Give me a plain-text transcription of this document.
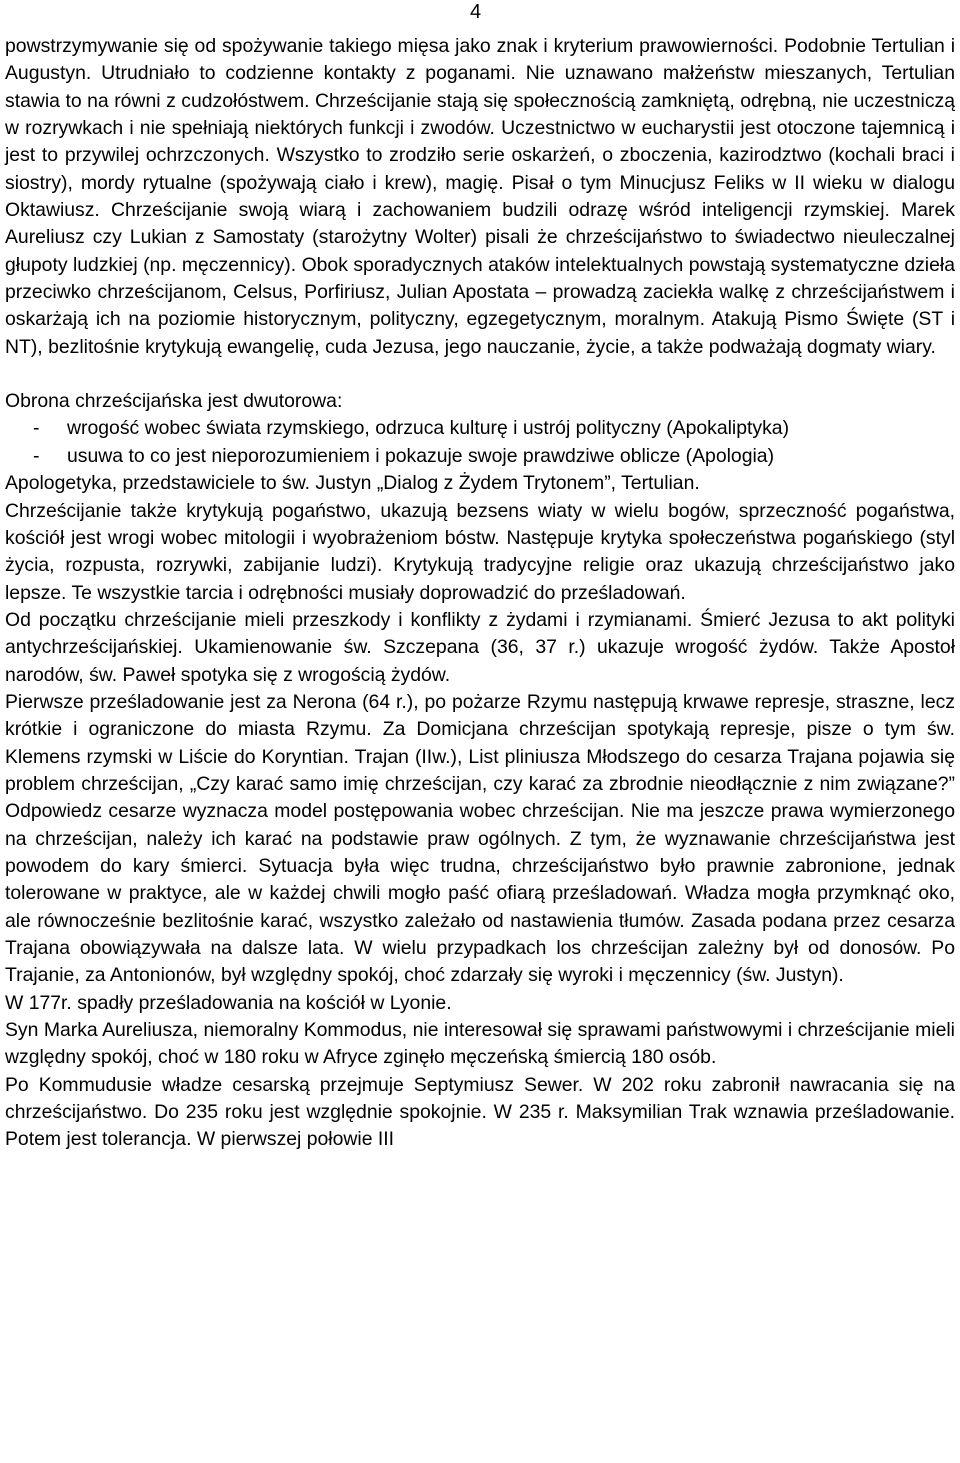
4

powstrzymywanie się od spożywanie takiego mięsa jako znak i kryterium prawowierności. Podobnie Tertulian i Augustyn. Utrudniało to codzienne kontakty z poganami. Nie uznawano małżeństw mieszanych, Tertulian stawia to na równi z cudzołóstwem. Chrześcijanie stają się społecznością zamkniętą, odrębną, nie uczestniczą w rozrywkach i nie spełniają niektórych funkcji i zwodów. Uczestnictwo w eucharystii jest otoczone tajemnicą i jest to przywilej ochrzczonych. Wszystko to zrodziło serie oskarżeń, o zboczenia, kazirodztwo (kochali braci i siostry), mordy rytualne (spożywają ciało i krew), magię. Pisał o tym Minucjusz Feliks w II wieku w dialogu Oktawiusz. Chrześcijanie swoją wiarą i zachowaniem budzili odrazę wśród inteligencji rzymskiej. Marek Aureliusz czy Lukian z Samostaty (starożytny Wolter) pisali że chrześcijaństwo to świadectwo nieuleczalnej głupoty ludzkiej (np. męczennicy). Obok sporadycznych ataków intelektualnych powstają systematyczne dzieła przeciwko chrześcijanom, Celsus, Porfiriusz, Julian Apostata – prowadzą zaciekła walkę z chrześcijaństwem i oskarżają ich na poziomie historycznym, polityczny, egzegetycznym, moralnym. Atakują Pismo Święte (ST i NT), bezlitośnie krytykują ewangelię, cuda Jezusa, jego nauczanie, życie, a także podważają dogmaty wiary.

Obrona chrześcijańska jest dwutorowa:

-	wrogość wobec świata rzymskiego, odrzuca kulturę i ustrój polityczny (Apokaliptyka)
-	usuwa to co jest nieporozumieniem i pokazuje swoje prawdziwe oblicze (Apologia)

Apologetyka, przedstawiciele to św. Justyn „Dialog z Żydem Trytonem”, Tertulian.

Chrześcijanie także krytykują pogaństwo, ukazują bezsens wiaty w wielu bogów, sprzeczność pogaństwa, kościół jest wrogi wobec mitologii i wyobrażeniom bóstw. Następuje krytyka społeczeństwa pogańskiego (styl życia, rozpusta, rozrywki, zabijanie ludzi). Krytykują tradycyjne religie oraz ukazują chrześcijaństwo jako lepsze. Te wszystkie tarcia i odrębności musiały doprowadzić do prześladowań.

Od początku chrześcijanie mieli przeszkody i konflikty z żydami i rzymianami. Śmierć Jezusa to akt polityki antychrześcijańskiej. Ukamienowanie św. Szczepana (36, 37 r.) ukazuje wrogość żydów. Także Apostoł narodów, św. Paweł spotyka się z wrogością żydów.

Pierwsze prześladowanie jest za Nerona (64 r.), po pożarze Rzymu następują krwawe represje, straszne, lecz krótkie i ograniczone do miasta Rzymu. Za Domicjana chrześcijan spotykają represje, pisze o tym św. Klemens rzymski w Liście do Koryntian. Trajan (IIw.), List pliniusza Młodszego do cesarza Trajana pojawia się problem chrześcijan, „Czy karać samo imię chrześcijan, czy karać za zbrodnie nieodłącznie z nim związane?” Odpowiedz cesarze wyznacza model postępowania wobec chrześcijan. Nie ma jeszcze prawa wymierzonego na chrześcijan, należy ich karać na podstawie praw ogólnych. Z tym, że wyznawanie chrześcijaństwa jest powodem do kary śmierci. Sytuacja była więc trudna, chrześcijaństwo było prawnie zabronione, jednak tolerowane w praktyce, ale w każdej chwili mogło paść ofiarą prześladowań. Władza mogła przymknąć oko, ale równocześnie bezlitośnie karać, wszystko zależało od nastawienia tłumów. Zasada podana przez cesarza Trajana obowiązywała na dalsze lata. W wielu przypadkach los chrześcijan zależny był od donosów. Po Trajanie, za Antonionów, był względny spokój, choć zdarzały się wyroki i męczennicy (św. Justyn).

W 177r. spadły prześladowania na kościół w Lyonie.

Syn Marka Aureliusza, niemoralny Kommodus, nie interesował się sprawami państwowymi i chrześcijanie mieli względny spokój, choć w 180 roku w Afryce zginęło męczeńską śmiercią 180 osób.

Po Kommudusie władze cesarską przejmuje Septymiusz Sewer. W 202 roku zabronił nawracania się na chrześcijaństwo. Do 235 roku jest względnie spokojnie. W 235 r. Maksymilian Trak wznawia prześladowanie. Potem jest tolerancja. W pierwszej połowie III
